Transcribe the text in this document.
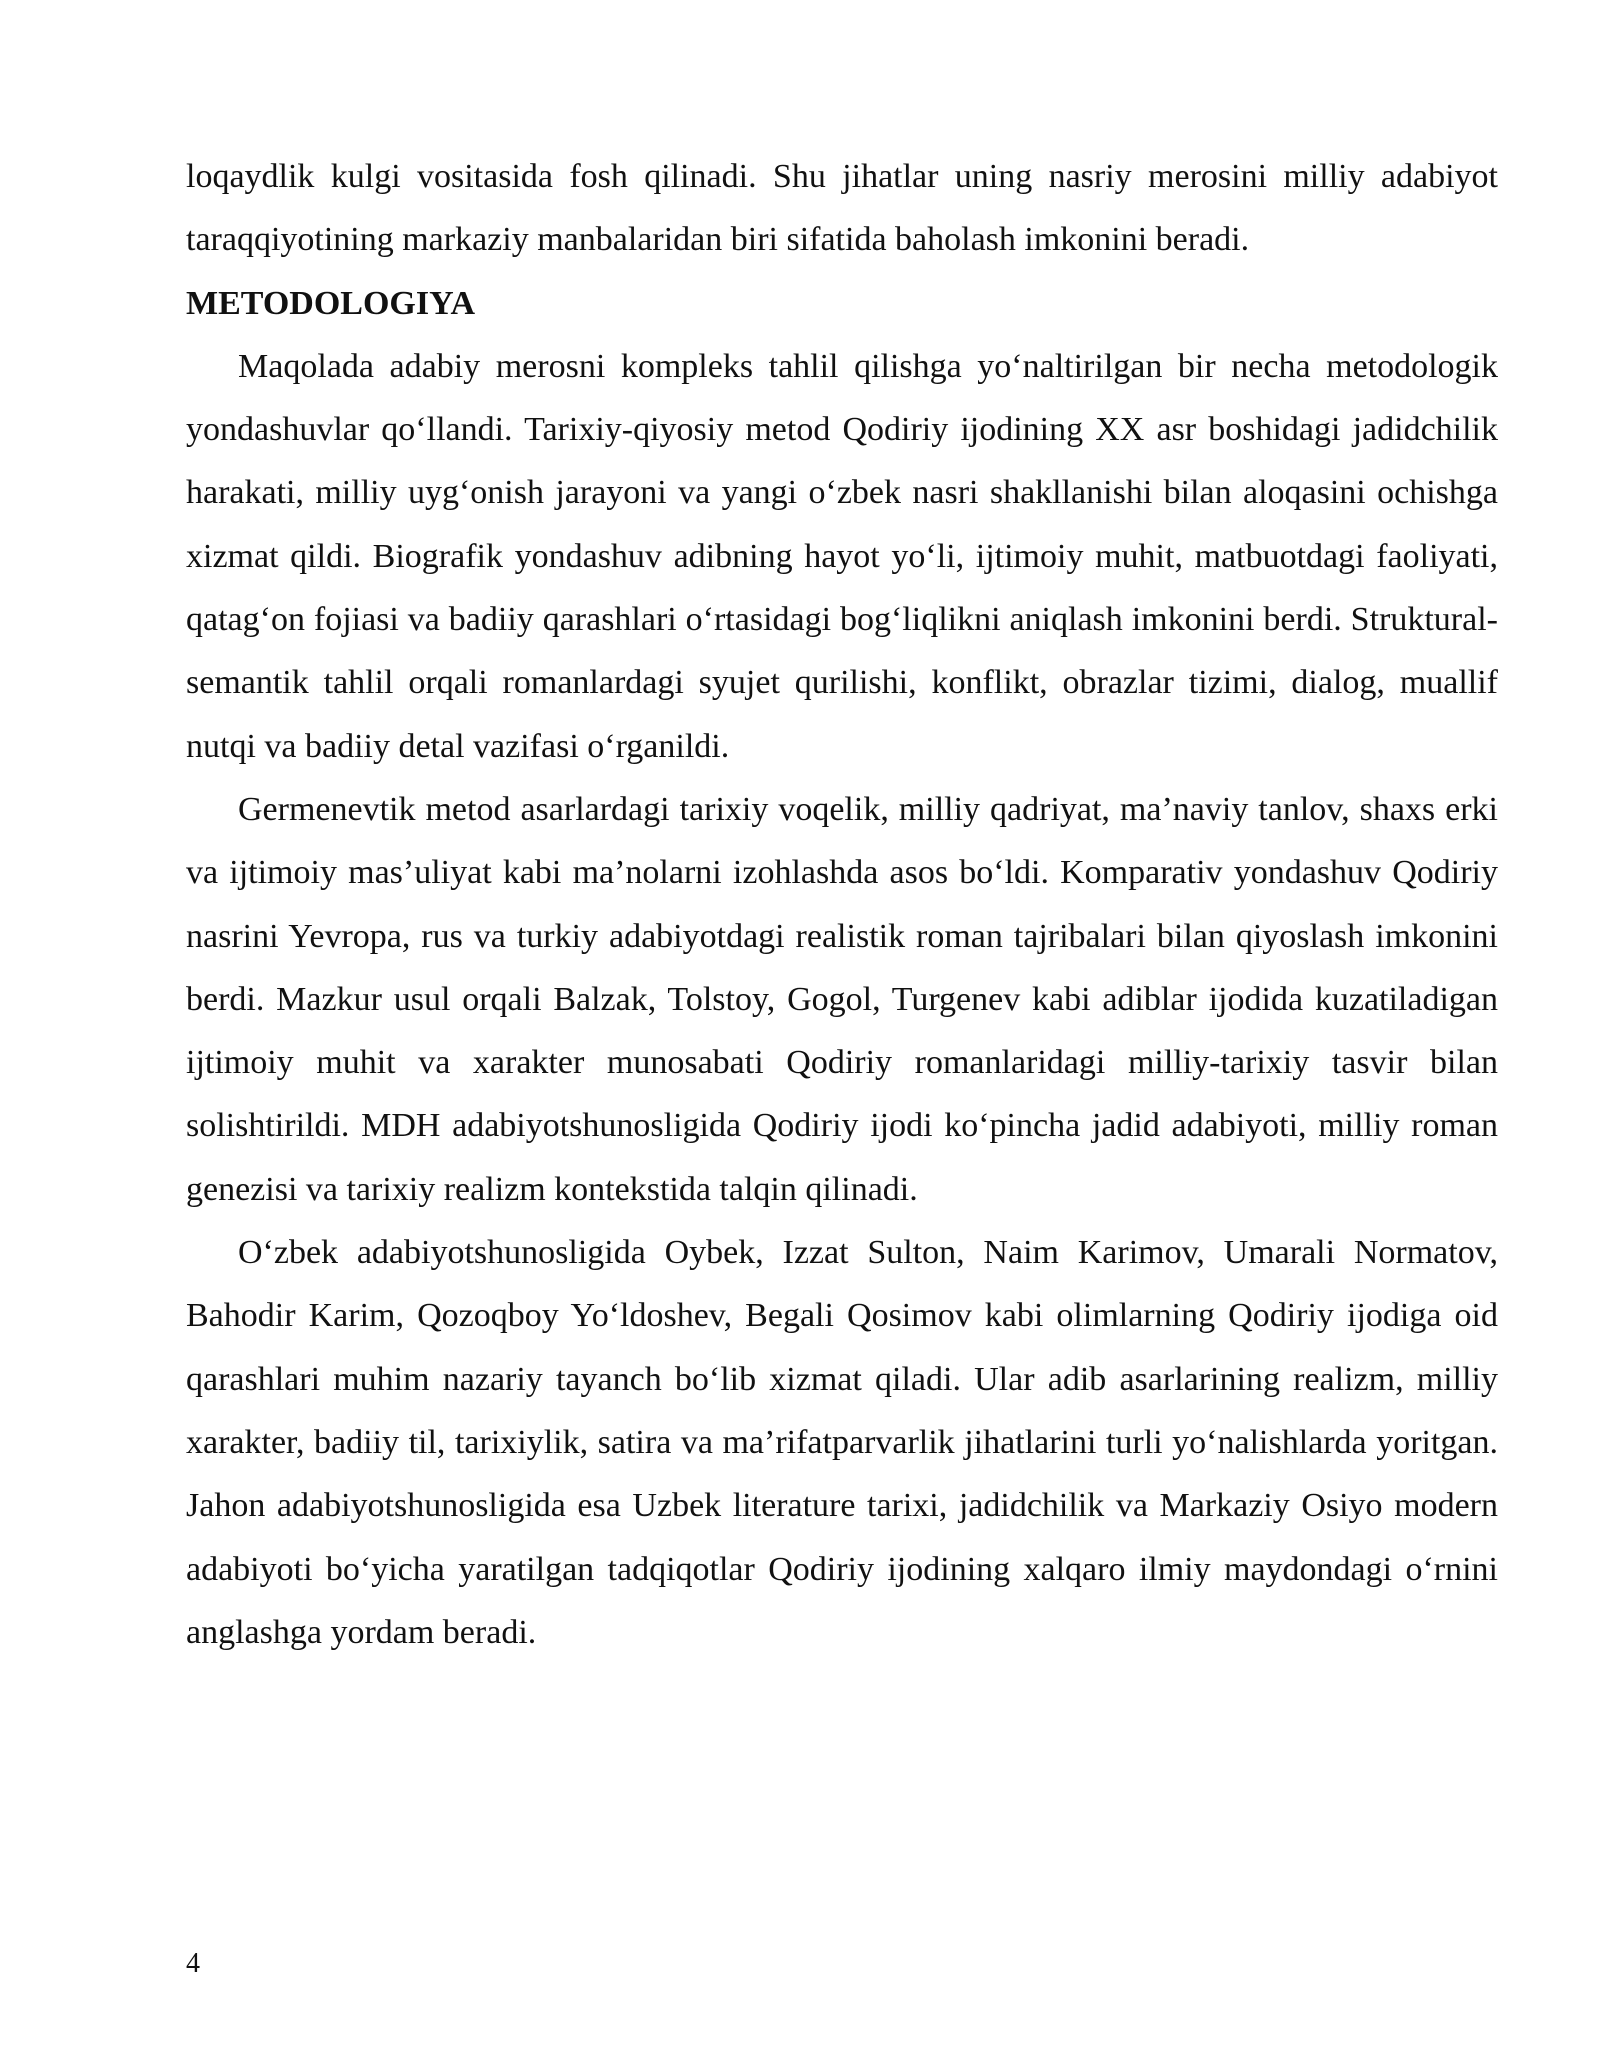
loqaydlik kulgi vositasida fosh qilinadi. Shu jihatlar uning nasriy merosini milliy adabiyot taraqqiyotining markaziy manbalaridan biri sifatida baholash imkonini beradi.

METODOLOGIYA

Maqolada adabiy merosni kompleks tahlil qilishga yo‘naltirilgan bir necha metodologik yondashuvlar qo‘llandi. Tarixiy-qiyosiy metod Qodiriy ijodining XX asr boshidagi jadidchilik harakati, milliy uyg‘onish jarayoni va yangi o‘zbek nasri shakllanishi bilan aloqasini ochishga xizmat qildi. Biografik yondashuv adibning hayot yo‘li, ijtimoiy muhit, matbuotdagi faoliyati, qatag‘on fojiasi va badiiy qarashlari o‘rtasidagi bog‘liqlikni aniqlash imkonini berdi. Struktural-semantik tahlil orqali romanlardagi syujet qurilishi, konflikt, obrazlar tizimi, dialog, muallif nutqi va badiiy detal vazifasi o‘rganildi.

Germenevtik metod asarlardagi tarixiy voqelik, milliy qadriyat, ma’naviy tanlov, shaxs erki va ijtimoiy mas’uliyat kabi ma’nolarni izohlashda asos bo‘ldi. Komparativ yondashuv Qodiriy nasrini Yevropa, rus va turkiy adabiyotdagi realistik roman tajribalari bilan qiyoslash imkonini berdi. Mazkur usul orqali Balzak, Tolstoy, Gogol, Turgenev kabi adiblar ijodida kuzatiladigan ijtimoiy muhit va xarakter munosabati Qodiriy romanlaridagi milliy-tarixiy tasvir bilan solishtirildi. MDH adabiyotshunosligida Qodiriy ijodi ko‘pincha jadid adabiyoti, milliy roman genezisi va tarixiy realizm kontekstida talqin qilinadi.

O‘zbek adabiyotshunosligida Oybek, Izzat Sulton, Naim Karimov, Umarali Normatov, Bahodir Karim, Qozoqboy Yo‘ldoshev, Begali Qosimov kabi olimlarning Qodiriy ijodiga oid qarashlari muhim nazariy tayanch bo‘lib xizmat qiladi. Ular adib asarlarining realizm, milliy xarakter, badiiy til, tarixiylik, satira va ma’rifatparvarlik jihatlarini turli yo‘nalishlarda yoritgan. Jahon adabiyotshunosligida esa Uzbek literature tarixi, jadidchilik va Markaziy Osiyo modern adabiyoti bo‘yicha yaratilgan tadqiqotlar Qodiriy ijodining xalqaro ilmiy maydondagi o‘rnini anglashga yordam beradi.

4
